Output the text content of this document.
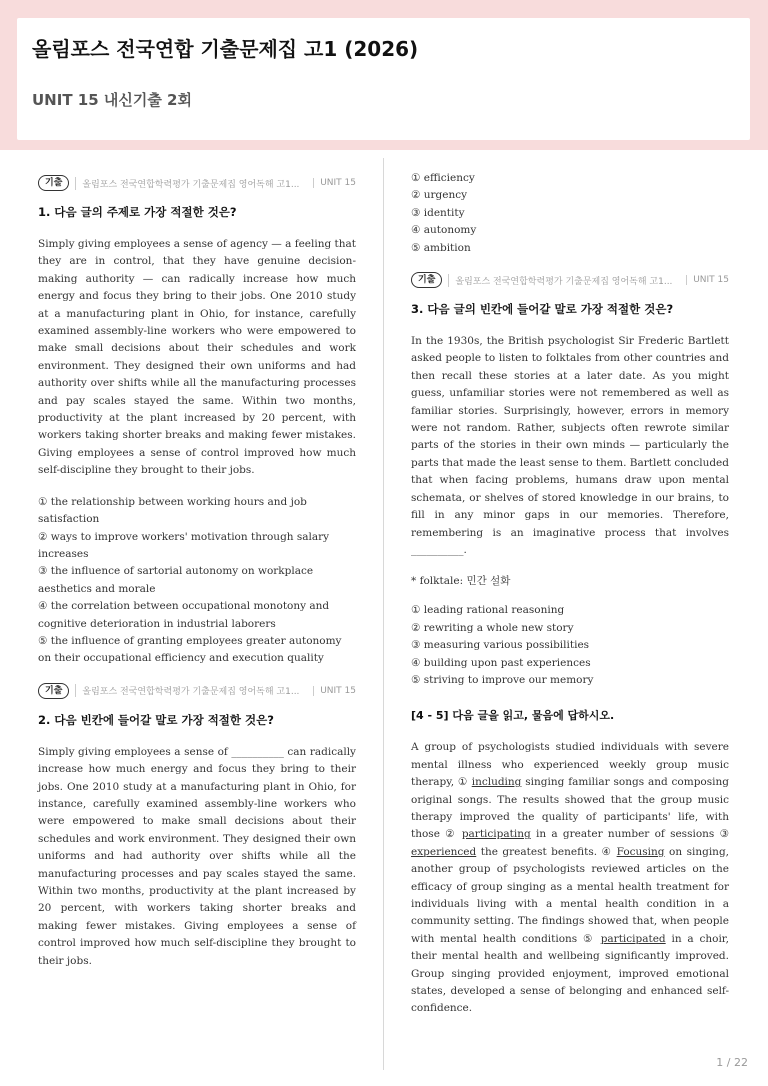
올림포스 전국연합 기출문제집 고1 (2026)
UNIT 15 내신기출 2회
기출	올림포스 전국연합학력평가 기출문제집 영어독해 고1...	UNIT 15
1. 다음 글의 주제로 가장 적절한 것은?

Simply giving employees a sense of agency — a feeling that they are in control, that they have genuine decision-making authority — can radically increase how much energy and focus they bring to their jobs. One 2010 study at a manufacturing plant in Ohio, for instance, carefully examined assembly-line workers who were empowered to make small decisions about their schedules and work environment. They designed their own uniforms and had authority over shifts while all the manufacturing processes and pay scales stayed the same. Within two months, productivity at the plant increased by 20 percent, with workers taking shorter breaks and making fewer mistakes. Giving employees a sense of control improved how much self-discipline they brought to their jobs.

① the relationship between working hours and job satisfaction
② ways to improve workers' motivation through salary increases
③ the influence of sartorial autonomy on workplace aesthetics and morale
④ the correlation between occupational monotony and cognitive deterioration in industrial laborers
⑤ the influence of granting employees greater autonomy on their occupational efficiency and execution quality
기출	올림포스 전국연합학력평가 기출문제집 영어독해 고1...	UNIT 15
2. 다음 빈칸에 들어갈 말로 가장 적절한 것은?

Simply giving employees a sense of __________ can radically increase how much energy and focus they bring to their jobs. One 2010 study at a manufacturing plant in Ohio, for instance, carefully examined assembly-line workers who were empowered to make small decisions about their schedules and work environment. They designed their own uniforms and had authority over shifts while all the manufacturing processes and pay scales stayed the same. Within two months, productivity at the plant increased by 20 percent, with workers taking shorter breaks and making fewer mistakes. Giving employees a sense of control improved how much self-discipline they brought to their jobs.

① efficiency
② urgency
③ identity
④ autonomy
⑤ ambition
기출	올림포스 전국연합학력평가 기출문제집 영어독해 고1...	UNIT 15
3. 다음 글의 빈칸에 들어갈 말로 가장 적절한 것은?

In the 1930s, the British psychologist Sir Frederic Bartlett asked people to listen to folktales from other countries and then recall these stories at a later date. As you might guess, unfamiliar stories were not remembered as well as familiar stories. Surprisingly, however, errors in memory were not random. Rather, subjects often rewrote similar parts of the stories in their own minds — particularly the parts that made the least sense to them. Bartlett concluded that when facing problems, humans draw upon mental schemata, or shelves of stored knowledge in our brains, to fill in any minor gaps in our memories. Therefore, remembering is an imaginative process that involves __________.

* folktale: 민간 설화

① leading rational reasoning
② rewriting a whole new story
③ measuring various possibilities
④ building upon past experiences
⑤ striving to improve our memory
[4 - 5] 다음 글을 읽고, 물음에 답하시오.

A group of psychologists studied individuals with severe mental illness who experienced weekly group music therapy, ① including singing familiar songs and composing original songs. The results showed that the group music therapy improved the quality of participants' life, with those ② participating in a greater number of sessions ③ experienced the greatest benefits. ④ Focusing on singing, another group of psychologists reviewed articles on the efficacy of group singing as a mental health treatment for individuals living with a mental health condition in a community setting. The findings showed that, when people with mental health conditions ⑤ participated in a choir, their mental health and wellbeing significantly improved. Group singing provided enjoyment, improved emotional states, developed a sense of belonging and enhanced self-confidence.

1 / 22
